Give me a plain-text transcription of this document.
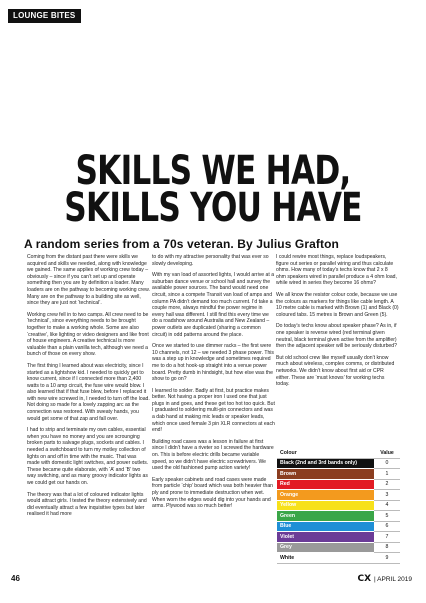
LOUNGE BITES
SKILLS WE HAD,
SKILLS YOU HAVE
A random series from a 70s veteran. By Julius Grafton

Coming from the distant past there were skills we acquired and skills we needed, along with knowledge we gained. The same applies of working crew today – obviously – since if you can’t set up and operate something then you are by definition a loader. Many loaders are on the pathway to becoming working crew. Many are on the pathway to a building site as well, since they are just not ‘technical’.

Working crew fell in to two camps. All crew need to be ‘technical’, since everything needs to be brought together to make a working whole. Some are also ‘creative’, like lighting or video designers and like front of house engineers. A creative technical is more valuable than a plain vanilla tech, although we need a bunch of those on every show.

The first thing I learned about was electricity, since I started as a lightshow kid. I needed to quickly get to know current, since if I connected more than 2,400 watts to a 10 amp circuit, the fuse wire would blow. I also learned that if that fuse blew, before I replaced it with new wire screwed in, I needed to turn off the load. Not doing so made for a lovely zapping arc as the connection was restored. With sweaty hands, you would get some of that zap and fall over.

I had to strip and terminate my own cables, essential when you have no money and you are scrounging broken parts to salvage plugs, sockets and cables. I needed a switchboard to turn my motley collection of lights on and off in time with the music. That was made with domestic light switches, and power outlets. These became quite elaborate, with ‘A’ and ‘B’ two way switching, and as many groovy indicator lights as we could get our hands on.

The theory was that a lot of coloured indicator lights would attract girls. I tested the theory extensively and did eventually attract a few inquisitive types but later realised it had more

to do with my attractive personality that was ever so slowly developing.

With my van load of assorted lights, I would arrive at a suburban dance venue or school hall and survey the available power sources. The band would need one circuit, since a compete Transit van load of amps and column PA didn’t demand too much current. I’d take a couple more, always mindful the power regime in every hall was different. I still find this every time we do a roadshow around Australia and New Zealand – power outlets are duplicated (sharing a common circuit) in odd patterns around the place.

Once we started to use dimmer racks – the first were 10 channels, not 12 – we needed 3 phase power. This was a step up in knowledge and sometimes required me to do a hot hook-up straight into a venue power board. Pretty dumb in hindsight, but how else was the show to go on?

I learned to solder. Badly at first, but practice makes better. Not having a proper iron I used one that just plugs in and goes, and these get too hot too quick. But I graduated to soldering multi-pin connectors and was a dab hand at making mic leads or speaker leads, which once used female 3 pin XLR connectors at each end!

Building road cases was a lesson in failure at first since I didn’t have a riveter so I screwed the hardware on. This is before electric drills became variable speed, so we didn’t have electric screwdrivers. We used the old fashioned pump action variety!

Early speaker cabinets and road cases were made from particle ‘chip’ board which was both heavier than ply and prone to immediate destruction when wet. When worn the edges would dig into your hands and arms. Plywood was so much better!

I could rewire most things, replace loudspeakers, figure out series or parallel wiring and thus calculate ohms. How many of today’s techs know that 2 x 8 ohm speakers wired in parallel produce a 4 ohm load, while wired in series they become 16 ohms?

We all know the resistor colour code, because we use the colours as markers for things like cable length. A 10 metre cable is marked with Brown (1) and Black (0) coloured tabs. 15 metres is Brown and Green (5).

Do today’s techs know about speaker phase? As in, if one speaker is reverse wired (red terminal given neutral, black terminal given active from the amplifier) then the adjacent speaker will be seriously disturbed?

But old school crew like myself usually don’t know much about wireless, complex comms, or distributed networks. We didn’t know about first aid or CPR either. These are ‘must knows’ for working techs today.

Colour	Value
Black (2nd and 3rd bands only)	0
Brown	1
Red	2
Orange	3
Yellow	4
Green	5
Blue	6
Violet	7
Grey	8
White	9
46	CX | APRIL 2019
